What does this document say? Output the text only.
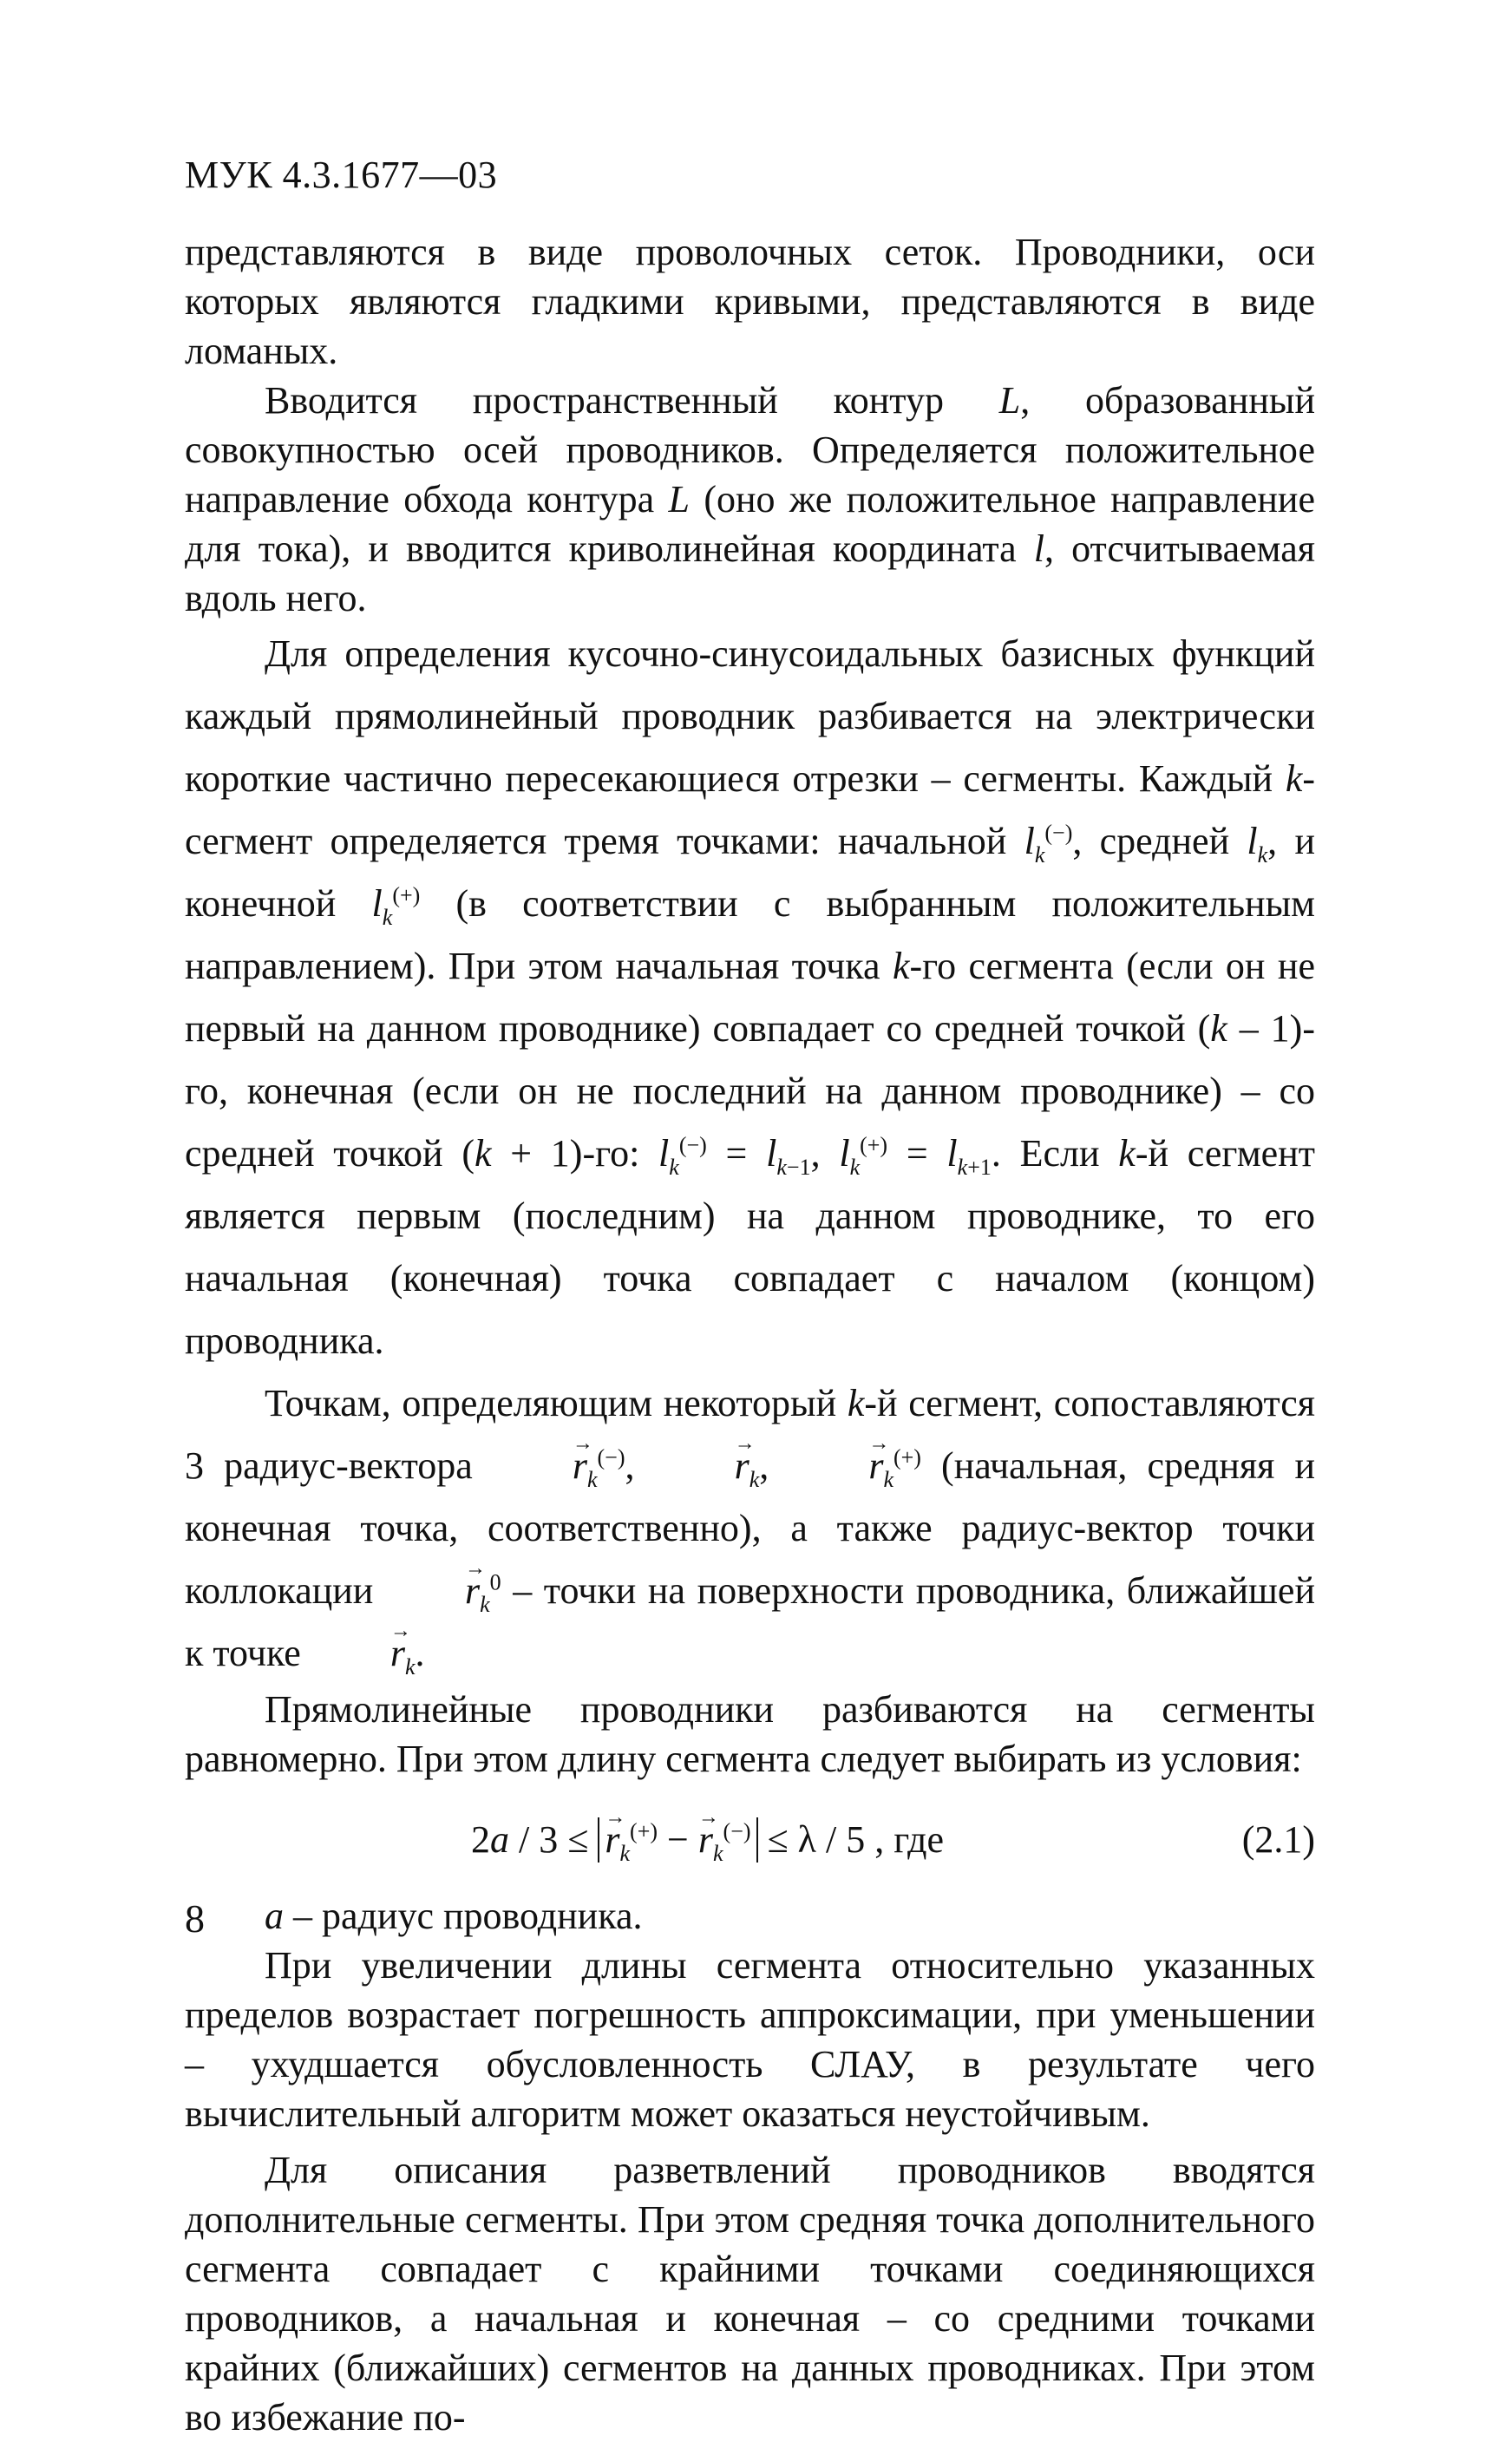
МУК 4.3.1677—03

представляются в виде проволочных сеток. Проводники, оси которых являются гладкими кривыми, представляются в виде ломаных.

Вводится пространственный контур L, образованный совокупностью осей проводников. Определяется положительное направление обхода контура L (оно же положительное направление для тока), и вводится криволинейная координата l, отсчитываемая вдоль него.

Для определения кусочно-синусоидальных базисных функций каждый прямолинейный проводник разбивается на электрически короткие частично пересекающиеся отрезки – сегменты. Каждый k-сегмент определяется тремя точками: начальной $l_k^{(-)}$, средней $l_k$, и конечной $l_k^{(+)}$ (в соответствии с выбранным положительным направлением). При этом начальная точка k-го сегмента (если он не первый на данном проводнике) совпадает со средней точкой (k – 1)-го, конечная (если он не последний на данном проводнике) – со средней точкой (k + 1)-го: $l_k^{(-)} = l_{k-1}$, $l_k^{(+)} = l_{k+1}$. Если k-й сегмент является первым (последним) на данном проводнике, то его начальная (конечная) точка совпадает с началом (концом) проводника.

Точкам, определяющим некоторый k-й сегмент, сопоставляются 3 радиус-вектора → $r_k^{(-)}$, → $r_k$, → $r_k^{(+)}$ (начальная, средняя и конечная точка, соответственно), а также радиус-вектор точки коллокации → $r_k^0$ – точки на поверхности проводника, ближайшей к точке → $r_k$.

Прямолинейные проводники разбиваются на сегменты равномерно. При этом длину сегмента следует выбирать из условия:

2a / 3 ≤ → $r_k^{(+)}$ − → $r_k^{(-)} \le \lambda / 5$ , где	(2.1)

a – радиус проводника.

При увеличении длины сегмента относительно указанных пределов возрастает погрешность аппроксимации, при уменьшении – ухудшается обусловленность СЛАУ, в результате чего вычислительный алгоритм может оказаться неустойчивым.

Для описания разветвлений проводников вводятся дополнительные сегменты. При этом средняя точка дополнительного сегмента совпадает с крайними точками соединяющихся проводников, а начальная и конечная – со средними точками крайних (ближайших) сегментов на данных проводниках. При этом во избежание по-

8
